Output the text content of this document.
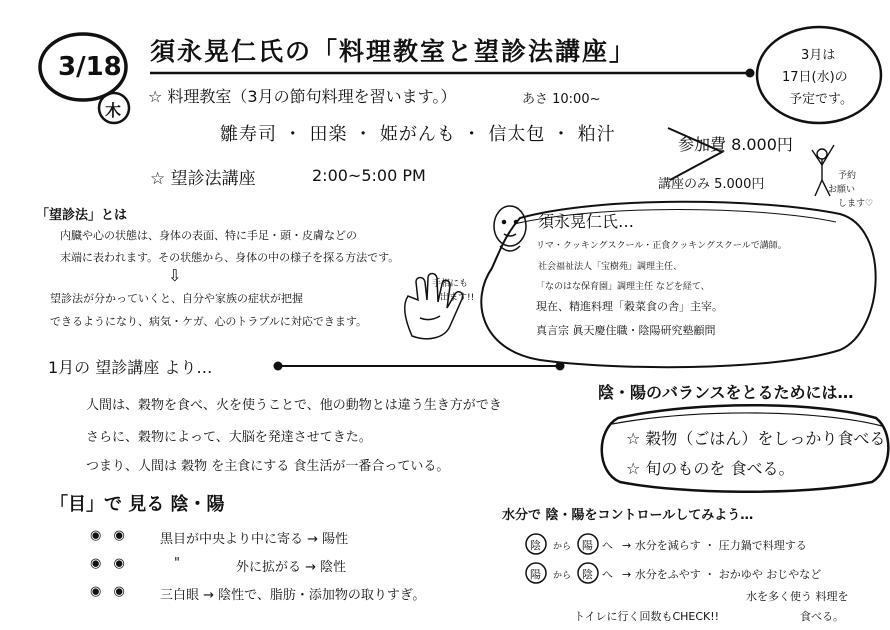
3/18
木
須永晃仁氏の「料理教室と望診法講座」	3月は
17日(水)の
予定です。
☆ 料理教室（3月の節句料理を習います。）	あさ 10:00~
雛寿司 ・ 田楽 ・ 姫がんも ・ 信太包 ・ 粕汁	参加費 8.000円
講座のみ 5.000円
予約
お願い
します♡
☆ 望診法講座	2:00~5:00 PM
「望診法」とは
内臓や心の状態は、身体の表面、特に手足・頭・皮膚などの
末端に表われます。その状態から、身体の中の様子を探る方法です。
⇩
望診法が分かっていくと、自分や家族の症状が把握
できるようになり、病気・ケガ、心のトラブルに対応できます。
手相にも
出ます!!
須永晃仁氏…
リマ・クッキングスクール・正食クッキングスクールで講師。
社会福祉法人「宝樹苑」調理主任、
「なのはな保育園」調理主任 などを経て、
現在、精進料理「穀菜食の舎」主宰。
真言宗 眞天慶住職・陰陽研究塾顧問
1月の 望診講座 より…
人間は、穀物を食べ、火を使うことで、他の動物とは違う生き方ができ
さらに、穀物によって、大脳を発達させてきた。
つまり、人間は 穀物 を主食にする 食生活が一番合っている。
陰・陽のバランスをとるためには…
☆ 穀物（ごはん）をしっかり食べる
☆ 旬のものを 食べる。
「目」で 見る 陰・陽
◉ ◉ 黒目が中央より中に寄る → 陽性
◉ ◉	"	外に拡がる → 陰性
◉ ◉ 三白眼 → 陰性で、脂肪・添加物の取りすぎ。
水分で 陰・陽をコントロールしてみよう…
陰 から 陽 へ → 水分を減らす ・ 圧力鍋で料理する
陽 から 陰 へ → 水分をふやす ・ おかゆや おじやなど
水を多く使う 料理を
食べる。
トイレに行く回数もCHECK!!
